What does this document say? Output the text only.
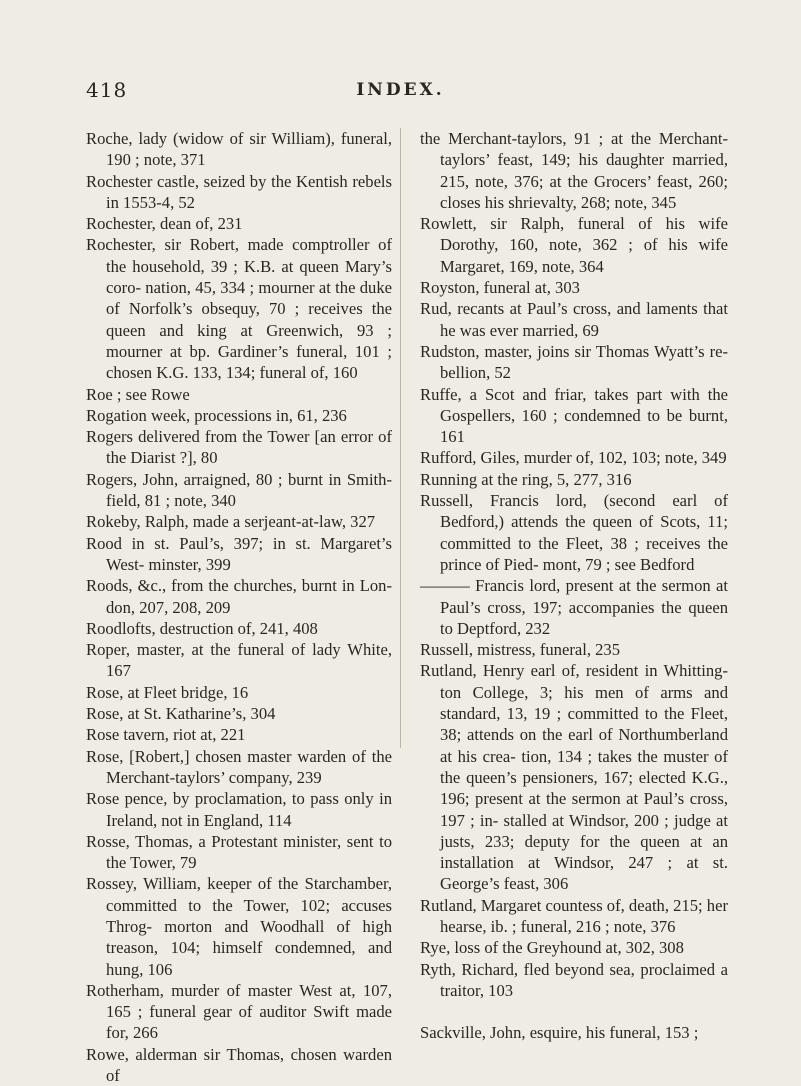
418	INDEX.
Roche, lady (widow of sir William), funeral, 190 ; note, 371
Rochester castle, seized by the Kentish rebels in 1553-4, 52
Rochester, dean of, 231
Rochester, sir Robert, made comptroller of the household, 39 ; K.B. at queen Mary’s coro- nation, 45, 334 ; mourner at the duke of Norfolk’s obsequy, 70 ; receives the queen and king at Greenwich, 93 ; mourner at bp. Gardiner’s funeral, 101 ; chosen K.G. 133, 134; funeral of, 160
Roe ; see Rowe
Rogation week, processions in, 61, 236
Rogers delivered from the Tower [an error of the Diarist ?], 80
Rogers, John, arraigned, 80 ; burnt in Smith- field, 81 ; note, 340
Rokeby, Ralph, made a serjeant-at-law, 327
Rood in st. Paul’s, 397; in st. Margaret’s West- minster, 399
Roods, &c., from the churches, burnt in Lon- don, 207, 208, 209
Roodlofts, destruction of, 241, 408
Roper, master, at the funeral of lady White, 167
Rose, at Fleet bridge, 16
Rose, at St. Katharine’s, 304
Rose tavern, riot at, 221
Rose, [Robert,] chosen master warden of the Merchant-taylors’ company, 239
Rose pence, by proclamation, to pass only in Ireland, not in England, 114
Rosse, Thomas, a Protestant minister, sent to the Tower, 79
Rossey, William, keeper of the Starchamber, committed to the Tower, 102; accuses Throg- morton and Woodhall of high treason, 104; himself condemned, and hung, 106
Rotherham, murder of master West at, 107, 165 ; funeral gear of auditor Swift made for, 266
Rowe, alderman sir Thomas, chosen warden of
the Merchant-taylors, 91 ; at the Merchant- taylors’ feast, 149; his daughter married, 215, note, 376; at the Grocers’ feast, 260; closes his shrievalty, 268; note, 345
Rowlett, sir Ralph, funeral of his wife Dorothy, 160, note, 362 ; of his wife Margaret, 169, note, 364
Royston, funeral at, 303
Rud, recants at Paul’s cross, and laments that he was ever married, 69
Rudston, master, joins sir Thomas Wyatt’s re- bellion, 52
Ruffe, a Scot and friar, takes part with the Gospellers, 160 ; condemned to be burnt, 161
Rufford, Giles, murder of, 102, 103; note, 349
Running at the ring, 5, 277, 316
Russell, Francis lord, (second earl of Bedford,) attends the queen of Scots, 11; committed to the Fleet, 38 ; receives the prince of Pied- mont, 79 ; see Bedford
——— Francis lord, present at the sermon at Paul’s cross, 197; accompanies the queen to Deptford, 232
Russell, mistress, funeral, 235
Rutland, Henry earl of, resident in Whitting- ton College, 3; his men of arms and standard, 13, 19 ; committed to the Fleet, 38; attends on the earl of Northumberland at his crea- tion, 134 ; takes the muster of the queen’s pensioners, 167; elected K.G., 196; present at the sermon at Paul’s cross, 197 ; in- stalled at Windsor, 200 ; judge at justs, 233; deputy for the queen at an installation at Windsor, 247 ; at st. George’s feast, 306
Rutland, Margaret countess of, death, 215; her hearse, ib. ; funeral, 216 ; note, 376
Rye, loss of the Greyhound at, 302, 308
Ryth, Richard, fled beyond sea, proclaimed a traitor, 103
Sackville, John, esquire, his funeral, 153 ;
